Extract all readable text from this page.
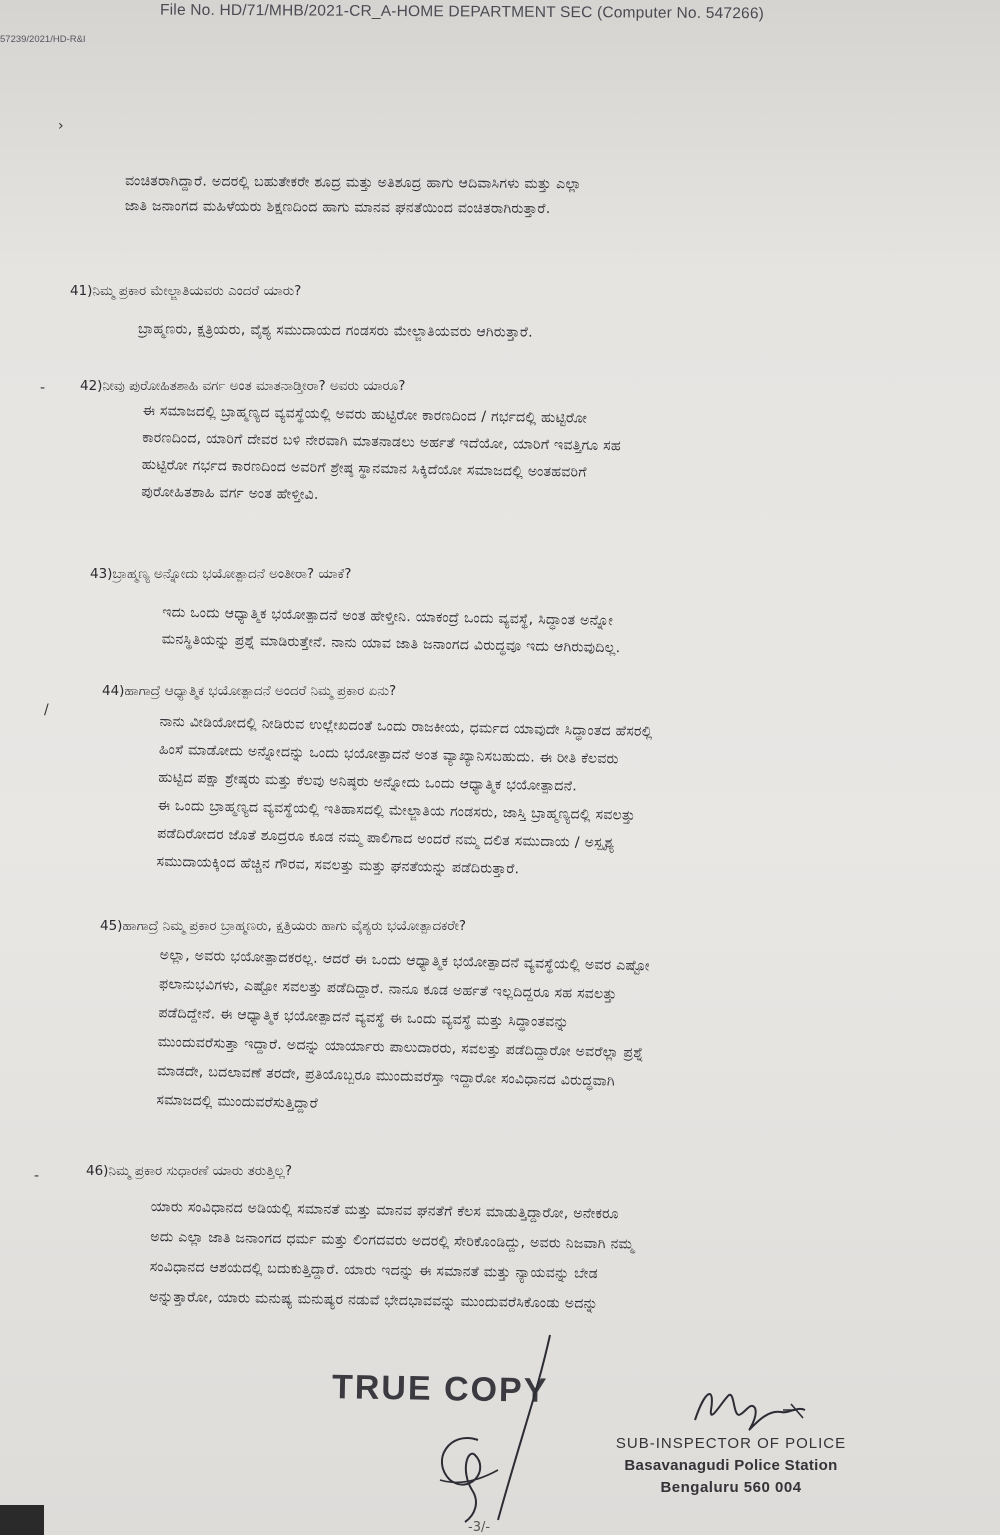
File No. HD/71/MHB/2021-CR_A-HOME DEPARTMENT SEC (Computer No. 547266)
57239/2021/HD-R&I
›
-
/
-
ವಂಚಿತರಾಗಿದ್ದಾರೆ. ಅದರಲ್ಲಿ ಬಹುತೇಕರೇ ಶೂದ್ರ ಮತ್ತು ಅತಿಶೂದ್ರ ಹಾಗು ಆದಿವಾಸಿಗಳು ಮತ್ತು ಎಲ್ಲಾ
ಜಾತಿ ಜನಾಂಗದ ಮಹಿಳೆಯರು ಶಿಕ್ಷಣದಿಂದ ಹಾಗು ಮಾನವ ಘನತೆಯಿಂದ ವಂಚಿತರಾಗಿರುತ್ತಾರೆ.
41)ನಿಮ್ಮ ಪ್ರಕಾರ ಮೇಲ್ಜಾತಿಯವರು ಎಂದರೆ ಯಾರು?
ಬ್ರಾಹ್ಮಣರು, ಕ್ಷತ್ರಿಯರು, ವೈಶ್ಯ ಸಮುದಾಯದ ಗಂಡಸರು ಮೇಲ್ಜಾತಿಯವರು ಆಗಿರುತ್ತಾರೆ.
42)ನೀವು ಪುರೋಹಿತಶಾಹಿ ವರ್ಗ ಅಂತ ಮಾತನಾಡ್ತೀರಾ? ಅವರು ಯಾರೂ?
ಈ ಸಮಾಜದಲ್ಲಿ ಬ್ರಾಹ್ಮಣ್ಯದ ವ್ಯವಸ್ಥೆಯಲ್ಲಿ ಅವರು ಹುಟ್ಟಿರೋ ಕಾರಣದಿಂದ / ಗರ್ಭದಲ್ಲಿ ಹುಟ್ಟಿರೋ
ಕಾರಣದಿಂದ, ಯಾರಿಗೆ ದೇವರ ಬಳಿ ನೇರವಾಗಿ ಮಾತನಾಡಲು ಅರ್ಹತೆ ಇದೆಯೋ, ಯಾರಿಗೆ ಇವತ್ತಿಗೂ ಸಹ
ಹುಟ್ಟಿರೋ ಗರ್ಭದ ಕಾರಣದಿಂದ ಅವರಿಗೆ ಶ್ರೇಷ್ಠ ಸ್ಥಾನಮಾನ ಸಿಕ್ಕಿದೆಯೋ ಸಮಾಜದಲ್ಲಿ ಅಂತಹವರಿಗೆ
ಪುರೋಹಿತಶಾಹಿ ವರ್ಗ ಅಂತ ಹೇಳ್ತೀವಿ.
43)ಬ್ರಾಹ್ಮಣ್ಯ ಅನ್ನೋದು ಭಯೋತ್ಪಾದನೆ ಅಂತೀರಾ? ಯಾಕೆ?
ಇದು ಒಂದು ಆಧ್ಯಾತ್ಮಿಕ ಭಯೋತ್ಪಾದನೆ ಅಂತ ಹೇಳ್ತೀನಿ. ಯಾಕಂದ್ರೆ ಒಂದು ವ್ಯವಸ್ಥೆ, ಸಿದ್ಧಾಂತ ಅನ್ನೋ
ಮನಸ್ಥಿತಿಯನ್ನು ಪ್ರಶ್ನೆ ಮಾಡಿರುತ್ತೇನೆ. ನಾನು ಯಾವ ಜಾತಿ ಜನಾಂಗದ ವಿರುದ್ಧವೂ ಇದು ಆಗಿರುವುದಿಲ್ಲ.
44)ಹಾಗಾದ್ರೆ ಆಧ್ಯಾತ್ಮಿಕ ಭಯೋತ್ಪಾದನೆ ಅಂದರೆ ನಿಮ್ಮ ಪ್ರಕಾರ ಏನು?
ನಾನು ವೀಡಿಯೋದಲ್ಲಿ ನೀಡಿರುವ ಉಲ್ಲೇಖದಂತೆ ಒಂದು ರಾಜಕೀಯ, ಧರ್ಮದ ಯಾವುದೇ ಸಿದ್ಧಾಂತದ ಹೆಸರಲ್ಲಿ
ಹಿಂಸೆ ಮಾಡೋದು ಅನ್ನೋದನ್ನು ಒಂದು ಭಯೋತ್ಪಾದನೆ ಅಂತ ವ್ಯಾಖ್ಯಾನಿಸಬಹುದು. ಈ ರೀತಿ ಕೆಲವರು
ಹುಟ್ಟಿದ ಪಕ್ಷಾ ಶ್ರೇಷ್ಠರು ಮತ್ತು ಕೆಲವು ಅನಿಷ್ಠರು ಅನ್ನೋದು ಒಂದು ಆಧ್ಯಾತ್ಮಿಕ ಭಯೋತ್ಪಾದನೆ.
ಈ ಒಂದು ಬ್ರಾಹ್ಮಣ್ಯದ ವ್ಯವಸ್ಥೆಯಲ್ಲಿ ಇತಿಹಾಸದಲ್ಲಿ ಮೇಲ್ಜಾತಿಯ ಗಂಡಸರು, ಜಾಸ್ತಿ ಬ್ರಾಹ್ಮಣ್ಯದಲ್ಲಿ ಸವಲತ್ತು
ಪಡೆದಿರೋದರ ಜೊತೆ ಶೂದ್ರರೂ ಕೂಡ ನಮ್ಮ ಪಾಲಿಗಾದ ಅಂದರೆ ನಮ್ಮ ದಲಿತ ಸಮುದಾಯ / ಅಸ್ಪೃಶ್ಯ
ಸಮುದಾಯಕ್ಕಿಂದ ಹೆಚ್ಚಿನ ಗೌರವ, ಸವಲತ್ತು ಮತ್ತು ಘನತೆಯನ್ನು ಪಡೆದಿರುತ್ತಾರೆ.
45)ಹಾಗಾದ್ರೆ ನಿಮ್ಮ ಪ್ರಕಾರ ಬ್ರಾಹ್ಮಣರು, ಕ್ಷತ್ರಿಯರು ಹಾಗು ವೈಶ್ಯರು ಭಯೋತ್ಪಾದಕರೇ?
ಅಲ್ಲಾ, ಅವರು ಭಯೋತ್ಪಾದಕರಲ್ಲ. ಆದರೆ ಈ ಒಂದು ಆಧ್ಯಾತ್ಮಿಕ ಭಯೋತ್ಪಾದನೆ ವ್ಯವಸ್ಥೆಯಲ್ಲಿ ಅವರ ಎಷ್ಟೋ
ಫಲಾನುಭವಿಗಳು, ಎಷ್ಟೋ ಸವಲತ್ತು ಪಡೆದಿದ್ದಾರೆ. ನಾನೂ ಕೂಡ ಅರ್ಹತೆ ಇಲ್ಲದಿದ್ದರೂ ಸಹ ಸವಲತ್ತು
ಪಡೆದಿದ್ದೇನೆ. ಈ ಆಧ್ಯಾತ್ಮಿಕ ಭಯೋತ್ಪಾದನೆ ವ್ಯವಸ್ಥೆ ಈ ಒಂದು ವ್ಯವಸ್ಥೆ ಮತ್ತು ಸಿದ್ಧಾಂತವನ್ನು
ಮುಂದುವರೆಸುತ್ತಾ ಇದ್ದಾರೆ. ಅದನ್ನು ಯಾರ್ಯಾರು ಪಾಲುದಾರರು, ಸವಲತ್ತು ಪಡೆದಿದ್ದಾರೋ ಅವರೆಲ್ಲಾ ಪ್ರಶ್ನೆ
ಮಾಡದೇ, ಬದಲಾವಣೆ ತರದೇ, ಪ್ರತಿಯೊಬ್ಬರೂ ಮುಂದುವರೆಸ್ತಾ ಇದ್ದಾರೋ ಸಂವಿಧಾನದ ವಿರುದ್ಧವಾಗಿ
ಸಮಾಜದಲ್ಲಿ ಮುಂದುವರೆಸುತ್ತಿದ್ದಾರೆ
46)ನಿಮ್ಮ ಪ್ರಕಾರ ಸುಧಾರಣೆ ಯಾರು ತರುತ್ತಿಲ್ಲ?
ಯಾರು ಸಂವಿಧಾನದ ಅಡಿಯಲ್ಲಿ ಸಮಾನತೆ ಮತ್ತು ಮಾನವ ಘನತೆಗೆ ಕೆಲಸ ಮಾಡುತ್ತಿದ್ದಾರೋ, ಅನೇಕರೂ
ಅದು ಎಲ್ಲಾ ಜಾತಿ ಜನಾಂಗದ ಧರ್ಮ ಮತ್ತು ಲಿಂಗದವರು ಅದರಲ್ಲಿ ಸೇರಿಕೊಂಡಿದ್ದು, ಅವರು ನಿಜವಾಗಿ ನಮ್ಮ
ಸಂವಿಧಾನದ ಆಶಯದಲ್ಲಿ ಬದುಕುತ್ತಿದ್ದಾರೆ. ಯಾರು ಇದನ್ನು ಈ ಸಮಾನತೆ ಮತ್ತು ನ್ಯಾಯವನ್ನು ಬೇಡ
ಅನ್ನುತ್ತಾರೋ, ಯಾರು ಮನುಷ್ಯ ಮನುಷ್ಯರ ನಡುವೆ ಭೇದಭಾವವನ್ನು ಮುಂದುವರೆಸಿಕೊಂಡು ಅದನ್ನು
TRUE COPY
SUB-INSPECTOR OF POLICE
Basavanagudi Police Station
Bengaluru 560 004
-3/-
